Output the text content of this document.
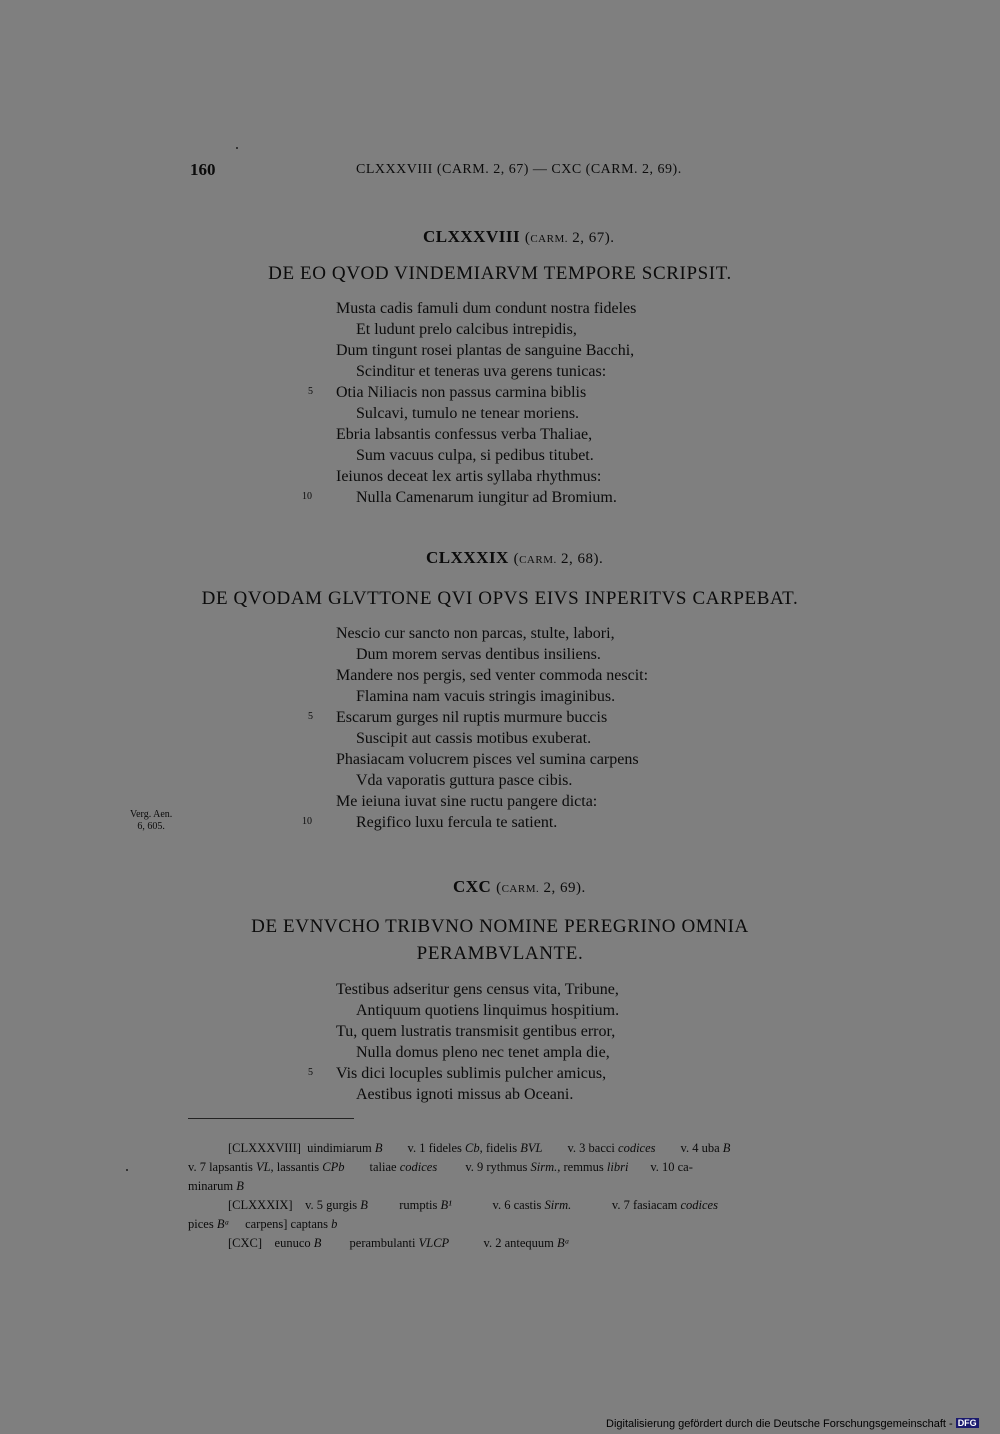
160	CLXXXVIII (CARM. 2, 67) — CXC (CARM. 2, 69).
CLXXXVIII (CARM. 2, 67).
DE EO QVOD VINDEMIARVM TEMPORE SCRIPSIT.
Musta cadis famuli dum condunt nostra fideles
Et ludunt prelo calcibus intrepidis,
Dum tingunt rosei plantas de sanguine Bacchi,
Scinditur et teneras uva gerens tunicas:
Otia Niliacis non passus carmina biblis
Sulcavi, tumulo ne tenear moriens.
Ebria labsantis confessus verba Thaliae,
Sum vacuus culpa, si pedibus titubet.
Ieiunos deceat lex artis syllaba rhythmus:
Nulla Camenarum iungitur ad Bromium.
5
10
CLXXXIX (CARM. 2, 68).
DE QVODAM GLVTTONE QVI OPVS EIVS INPERITVS CARPEBAT.
Nescio cur sancto non parcas, stulte, labori,
Dum morem servas dentibus insiliens.
Mandere nos pergis, sed venter commoda nescit:
Flamina nam vacuis stringis imaginibus.
Escarum gurges nil ruptis murmure buccis
Suscipit aut cassis motibus exuberat.
Phasiacam volucrem pisces vel sumina carpens
Vda vaporatis guttura pasce cibis.
Me ieiuna iuvat sine ructu pangere dicta:
Regifico luxu fercula te satient.
5
10
Verg. Aen.
6, 605.
CXC (CARM. 2, 69).
DE EVNVCHO TRIBVNO NOMINE PEREGRINO OMNIA
PERAMBVLANTE.
Testibus adseritur gens census vita, Tribune,
Antiquum quotiens linquimus hospitium.
Tu, quem lustratis transmisit gentibus error,
Nulla domus pleno nec tenet ampla die,
Vis dici locuples sublimis pulcher amicus,
Aestibus ignoti missus ab Oceani.
5
[CLXXXVIII] uindimiarum B v. 1 fideles Cb, fidelis BVL v. 3 bacci codices v. 4 uba B
v. 7 lapsantis VL, lassantis CPb taliae codices v. 9 rythmus Sirm., remmus libri v. 10 ca-
minarum B
[CLXXXIX] v. 5 gurgis B	rumptis B¹	v. 6 castis Sirm.	v. 7 fasiacam codices
pices Bᵃ carpens] captans b
[CXC] eunuco B perambulanti VLCP	v. 2 antequum Bᵃ
Digitalisierung gefördert durch die Deutsche Forschungsgemeinschaft - DFG
